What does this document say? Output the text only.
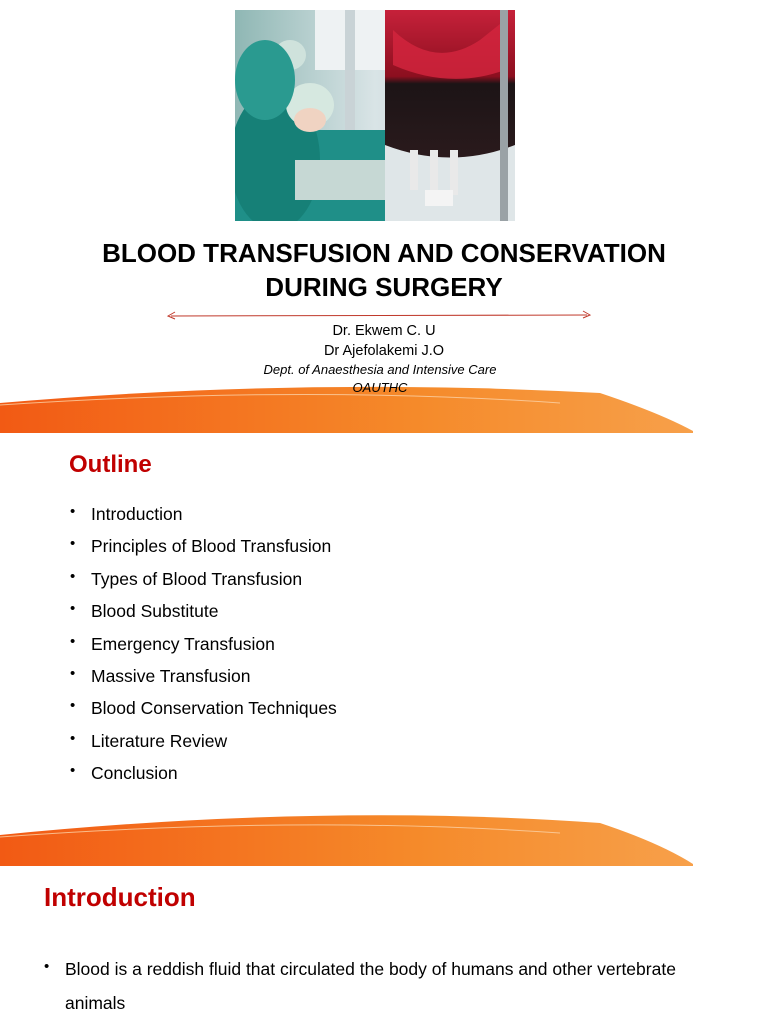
BLOOD TRANSFUSION AND CONSERVATION
DURING SURGERY
Dr. Ekwem C. U
Dr Ajefolakemi J.O
Dept. of Anaesthesia and Intensive Care
OAUTHC
Outline
• Introduction
• Principles of Blood Transfusion
• Types of Blood Transfusion
• Blood Substitute
• Emergency Transfusion
• Massive Transfusion
• Blood Conservation Techniques
• Literature Review
• Conclusion
Introduction
• Blood is a reddish fluid that circulated the body of humans and other vertebrate animals
